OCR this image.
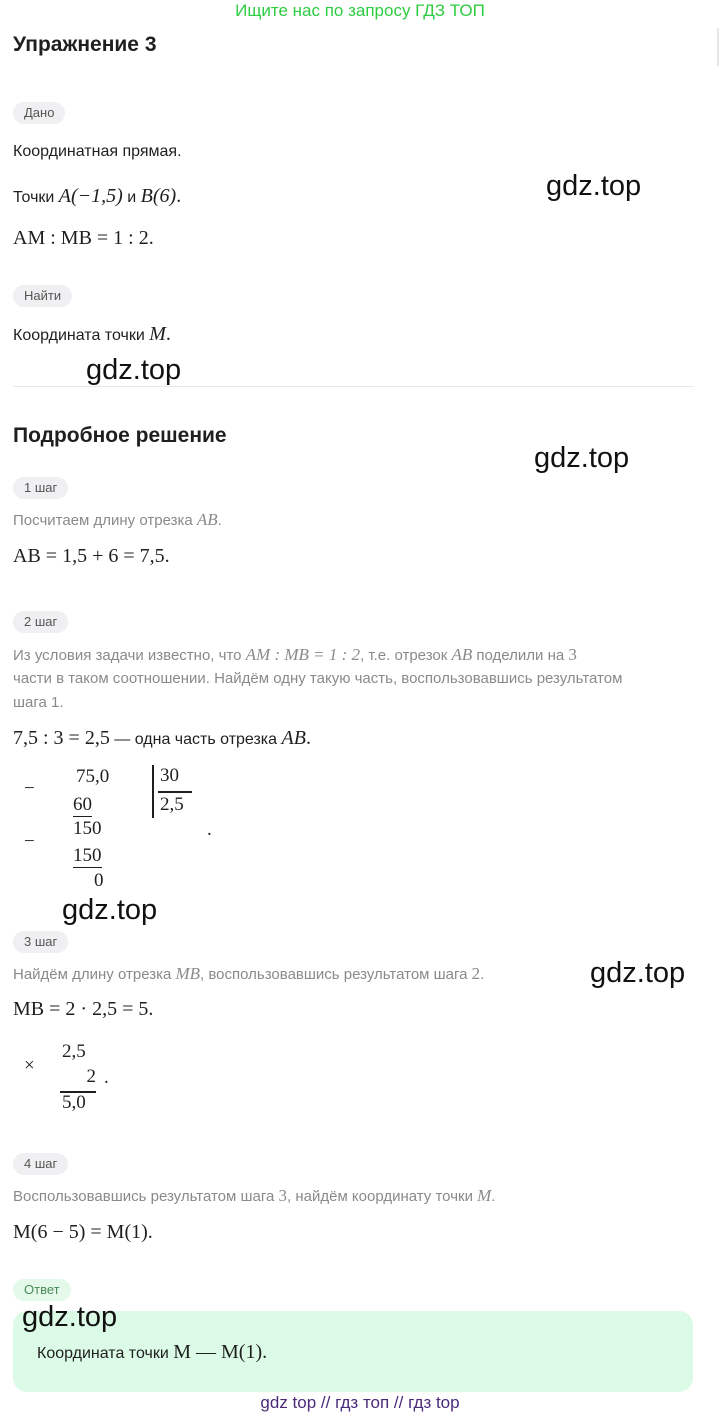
Ищите нас по запросу ГДЗ ТОП
Упражнение 3
Дано
Координатная прямая.
Точки A(−1,5) и B(6).
AM : MB = 1 : 2.
Найти
Координата точки M.
Подробное решение
1 шаг
Посчитаем длину отрезка AB.
AB = 1,5 + 6 = 7,5.
2 шаг
Из условия задачи известно, что AM : MB = 1 : 2, т.е. отрезок AB поделили на 3
части в таком соотношении. Найдём одну такую часть, воспользовавшись результатом
шага 1.
7,5 : 3 = 2,5 — одна часть отрезка AB.
−
75,0	30
60	2,5
−
150	.
150
0
3 шаг
Найдём длину отрезка MB, воспользовавшись результатом шага 2.
MB = 2 · 2,5 = 5.
×
2,5
2 .
5,0
4 шаг
Воспользовавшись результатом шага 3, найдём координату точки M.
M(6 − 5) = M(1).
Ответ
Координата точки M — M(1).
gdz.top
gdz.top
gdz.top
gdz.top
gdz.top
gdz.top
gdz top // гдз топ // гдз top
